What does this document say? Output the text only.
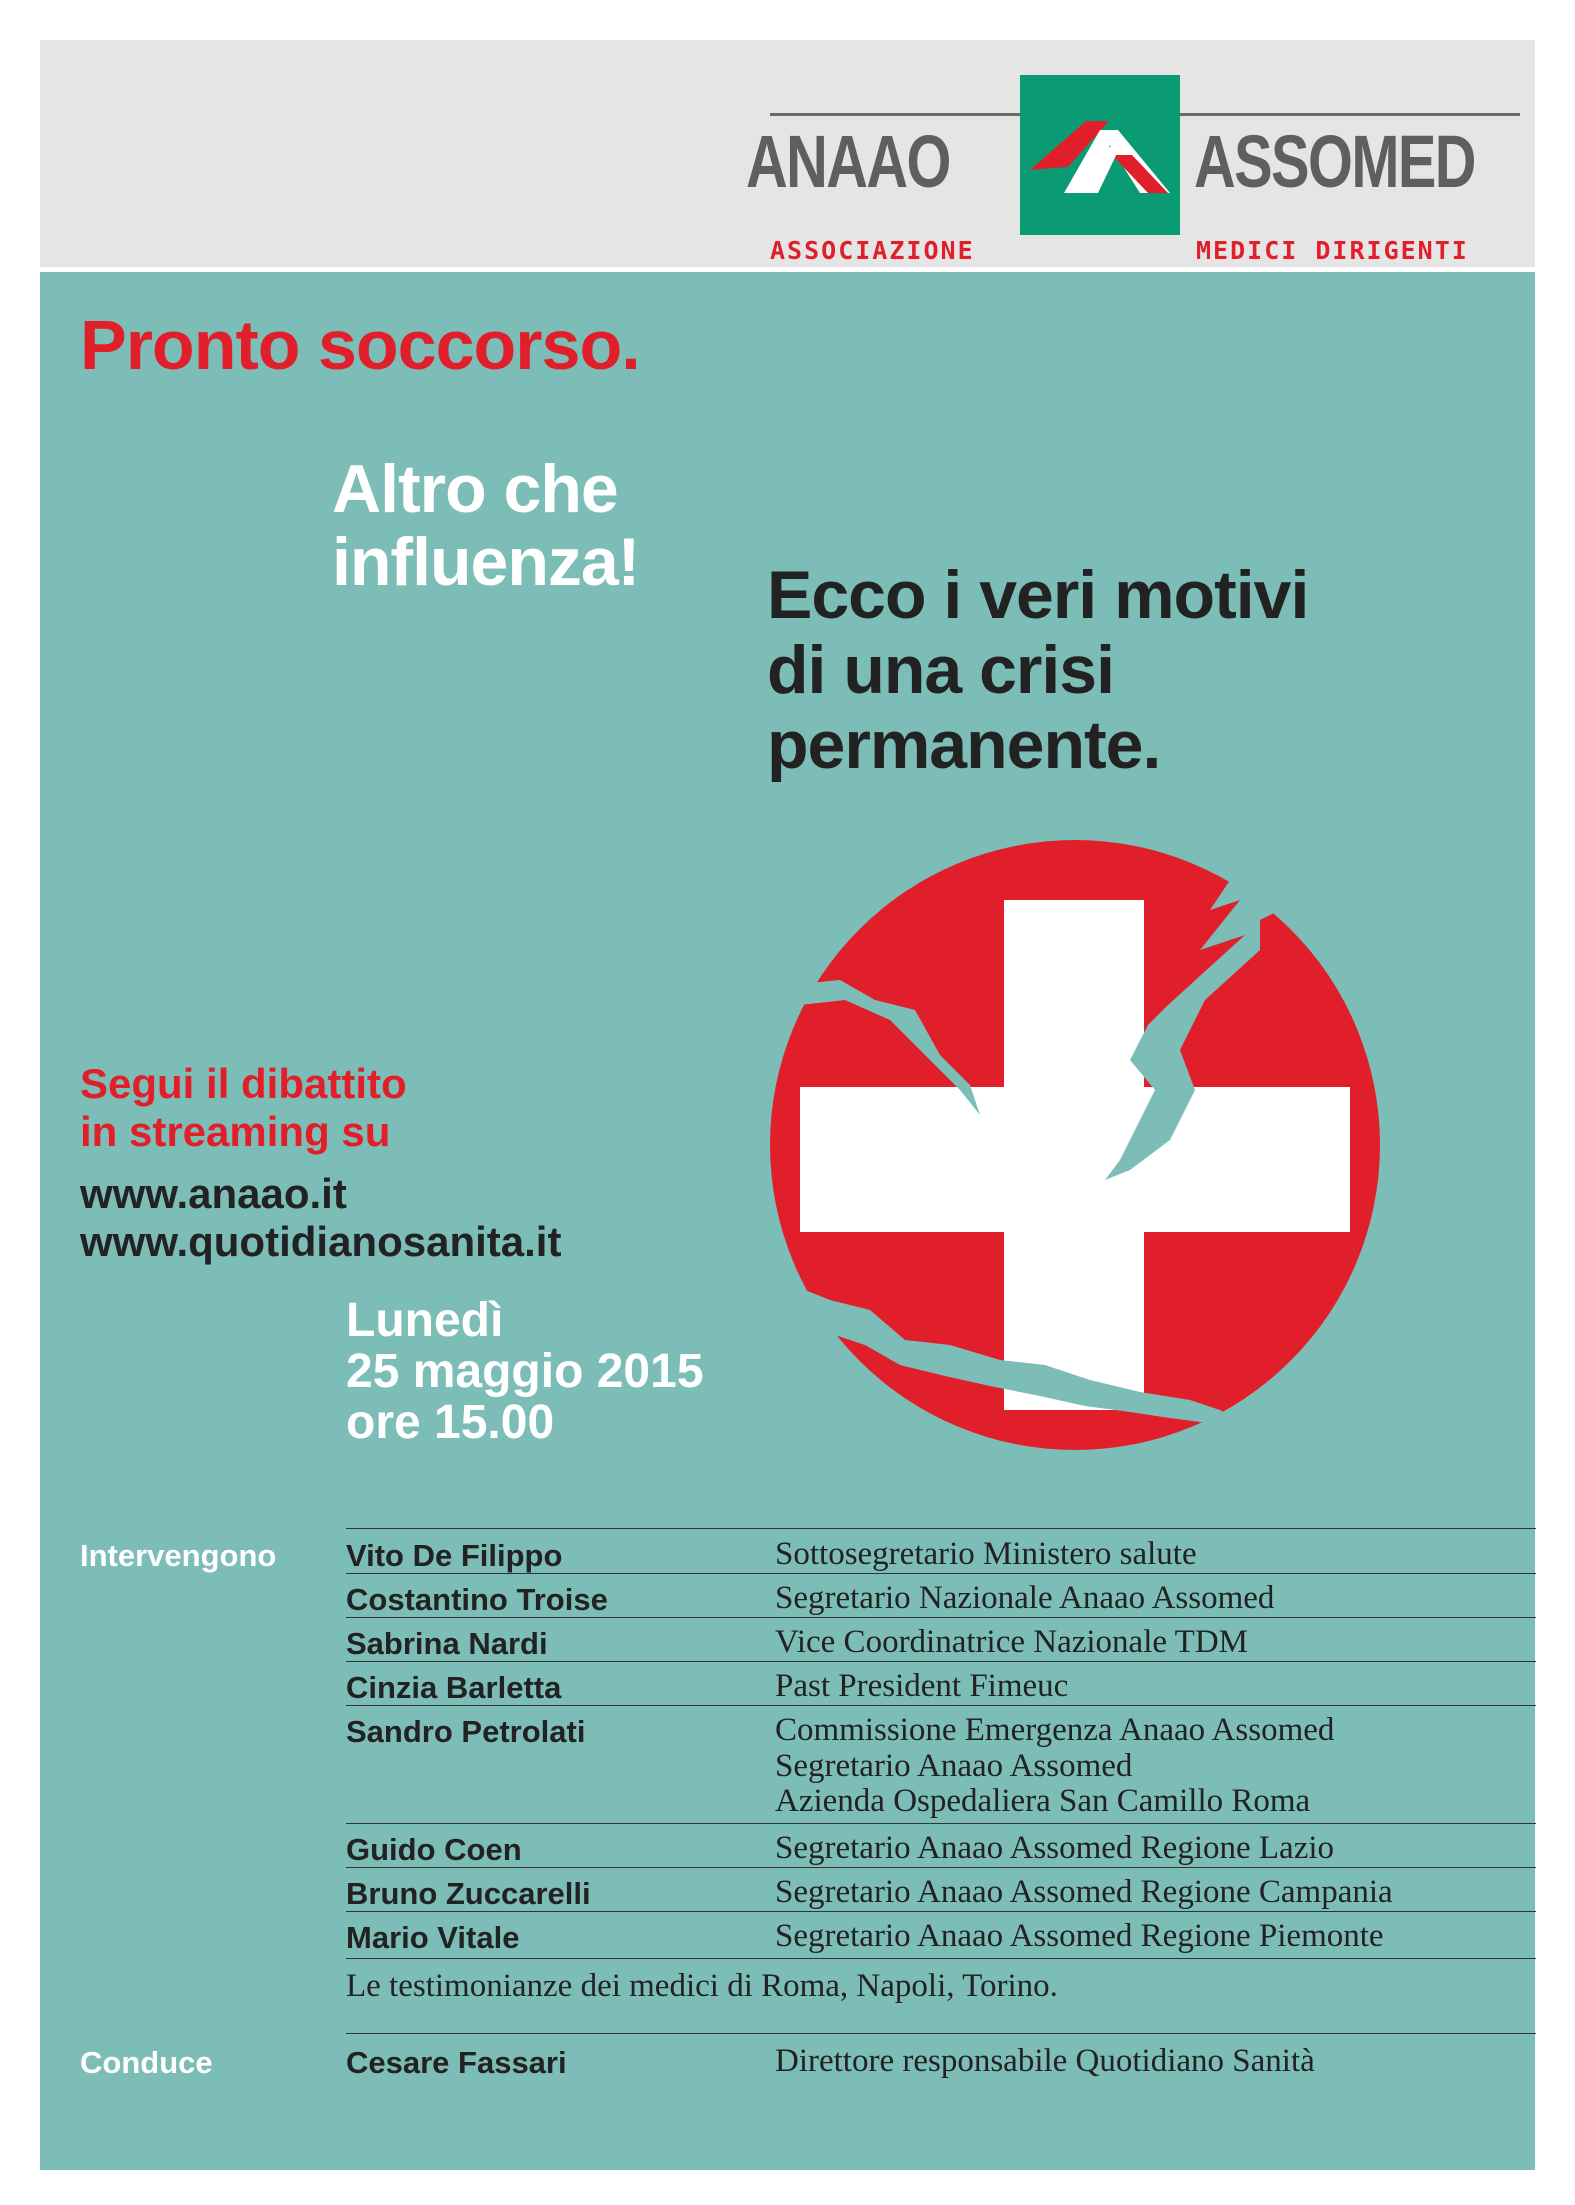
ANAAO	ASSOMED
ASSOCIAZIONE	MEDICI DIRIGENTI
Pronto soccorso.
Altro che
influenza! Ecco i veri motivi
di una crisi
permanente.
Segui il dibattito
in streaming su
www.anaao.it
www.quotidianosanita.it
Lunedì
25 maggio 2015
ore 15.00
Intervengono Vito De Filippo	Sottosegretario Ministero salute
Costantino Troise	Segretario Nazionale Anaao Assomed
Sabrina Nardi	Vice Coordinatrice Nazionale TDM
Cinzia Barletta	Past President Fimeuc
Sandro Petrolati	Commissione Emergenza Anaao Assomed
Segretario Anaao Assomed
Azienda Ospedaliera San Camillo Roma
Guido Coen	Segretario Anaao Assomed Regione Lazio
Bruno Zuccarelli	Segretario Anaao Assomed Regione Campania
Mario Vitale	Segretario Anaao Assomed Regione Piemonte
Le testimonianze dei medici di Roma, Napoli, Torino.
Conduce	Cesare Fassari	Direttore responsabile Quotidiano Sanità
